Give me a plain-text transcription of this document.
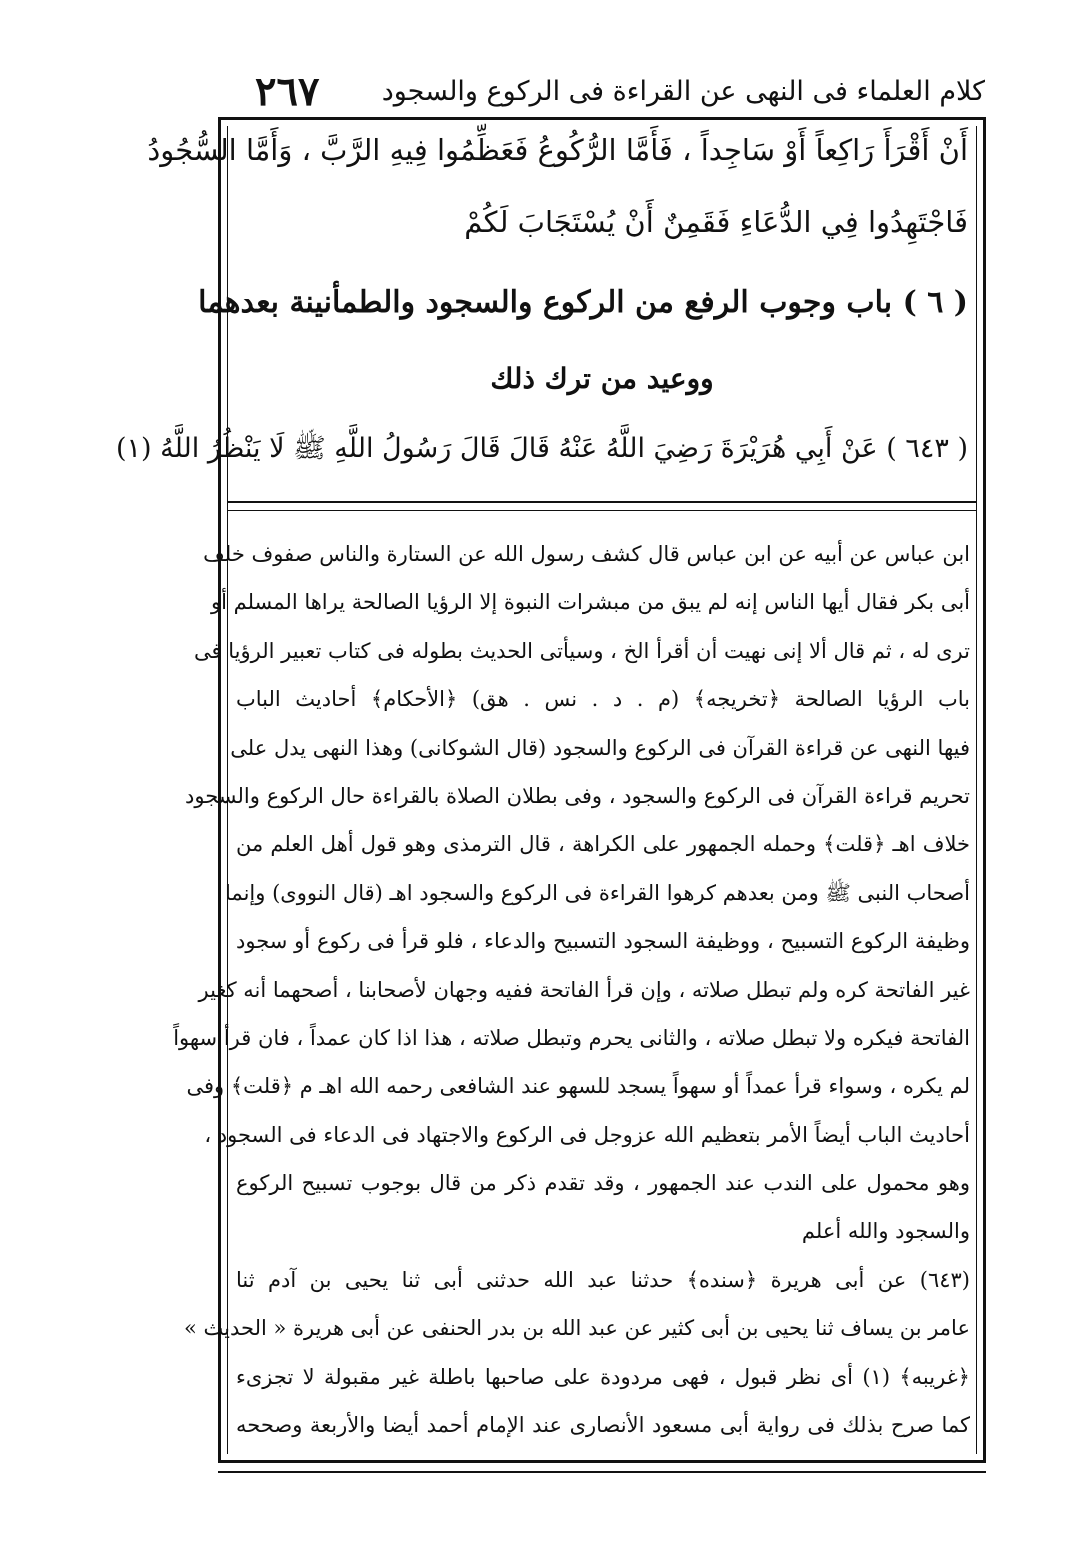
٢٦٧ كلام العلماء فى النهى عن القراءة فى الركوع والسجود
أَنْ أَقْرَأَ رَاكِعاً أَوْ سَاجِداً ، فَأَمَّا الرُّكُوعُ فَعَظِّمُوا فِيهِ الرَّبَّ ، وَأَمَّا السُّجُودُ
فَاجْتَهِدُوا فِي الدُّعَاءِ فَقَمِنٌ أَنْ يُسْتَجَابَ لَكُمْ
( ٦ ) باب وجوب الرفع من الركوع والسجود والطمأنينة بعدهما
ووعيد من ترك ذلك
( ٦٤٣ ) عَنْ أَبِي هُرَيْرَةَ رَضِيَ اللَّهُ عَنْهُ قَالَ قَالَ رَسُولُ اللَّهِ ﷺ لَا يَنْظُرُ اللَّهُ (١)
ابن عباس عن أبيه عن ابن عباس قال كشف رسول الله عن الستارة والناس صفوف خلف
أبى بكر فقال أيها الناس إنه لم يبق من مبشرات النبوة إلا الرؤيا الصالحة يراها المسلم أو
ترى له ، ثم قال ألا إنى نهيت أن أقرأ الخ ، وسيأتى الحديث بطوله فى كتاب تعبير الرؤيا فى
باب الرؤيا الصالحة ﴿تخريجه﴾ (م . د . نس . هق) ﴿الأحكام﴾ أحاديث الباب
فيها النهى عن قراءة القرآن فى الركوع والسجود (قال الشوكانى) وهذا النهى يدل على
تحريم قراءة القرآن فى الركوع والسجود ، وفى بطلان الصلاة بالقراءة حال الركوع والسجود
خلاف اهـ ﴿قلت﴾ وحمله الجمهور على الكراهة ، قال الترمذى وهو قول أهل العلم من
أصحاب النبى ﷺ ومن بعدهم كرهوا القراءة فى الركوع والسجود اهـ (قال النووى) وإنما
وظيفة الركوع التسبيح ، ووظيفة السجود التسبيح والدعاء ، فلو قرأ فى ركوع أو سجود
غير الفاتحة كره ولم تبطل صلاته ، وإن قرأ الفاتحة ففيه وجهان لأصحابنا ، أصحهما أنه كغير
الفاتحة فيكره ولا تبطل صلاته ، والثانى يحرم وتبطل صلاته ، هذا اذا كان عمداً ، فان قرأ سهواً
لم يكره ، وسواء قرأ عمداً أو سهواً يسجد للسهو عند الشافعى رحمه الله اهـ م ﴿قلت﴾ وفى
أحاديث الباب أيضاً الأمر بتعظيم الله عزوجل فى الركوع والاجتهاد فى الدعاء فى السجود ،
وهو محمول على الندب عند الجمهور ، وقد تقدم ذكر من قال بوجوب تسبيح الركوع
والسجود والله أعلم
(٦٤٣) عن أبى هريرة ﴿سنده﴾ حدثنا عبد الله حدثنى أبى ثنا يحيى بن آدم ثنا
عامر بن يساف ثنا يحيى بن أبى كثير عن عبد الله بن بدر الحنفى عن أبى هريرة « الحديث »
﴿غريبه﴾ (١) أى نظر قبول ، فهى مردودة على صاحبها باطلة غير مقبولة لا تجزىء
كما صرح بذلك فى رواية أبى مسعود الأنصارى عند الإمام أحمد أيضا والأربعة وصححه
